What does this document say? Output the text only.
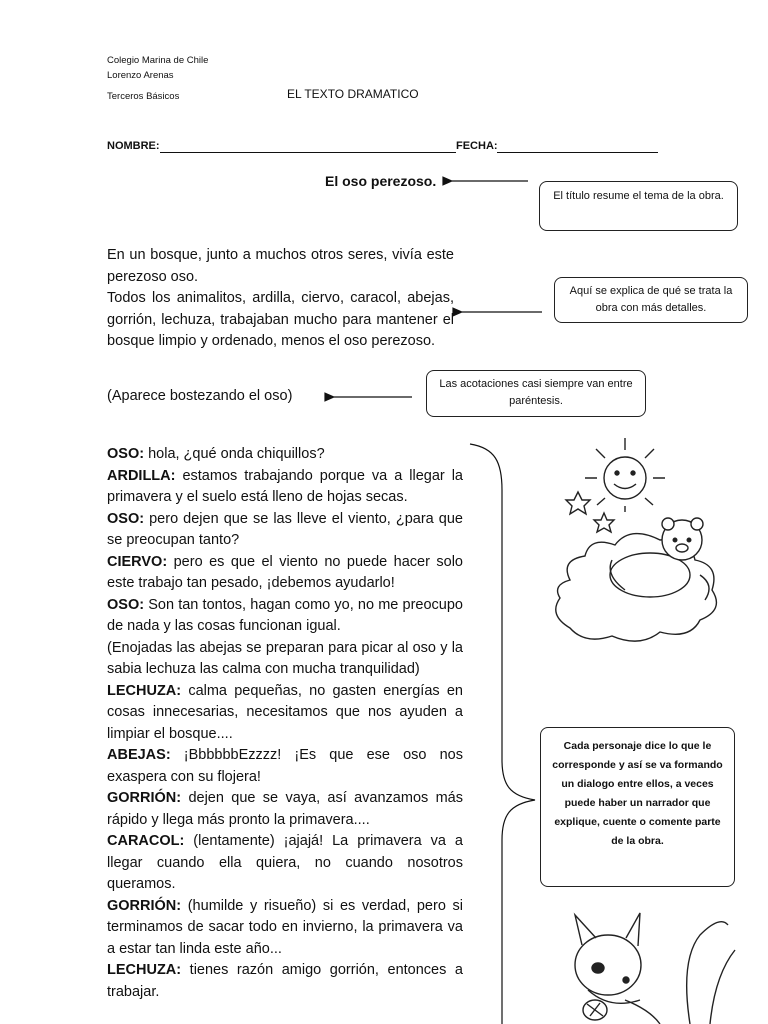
Colegio Marina de Chile
Lorenzo Arenas
Terceros Básicos	EL TEXTO DRAMATICO
NOMBRE:	FECHA:
El oso perezoso.
El título resume el tema de la obra.
Aquí se explica de qué se trata la obra con más detalles.
Las acotaciones casi siempre van entre paréntesis.
Cada personaje dice lo que le corresponde y así se va formando un dialogo entre ellos, a veces puede haber un narrador que explique, cuente o comente parte de la obra.
En un bosque, junto a muchos otros seres, vivía este perezoso oso.
Todos los animalitos, ardilla, ciervo, caracol, abejas, gorrión, lechuza, trabajaban mucho para mantener el bosque limpio y ordenado, menos el oso perezoso.
(Aparece bostezando el oso)

OSO: hola, ¿qué onda chiquillos?

ARDILLA: estamos trabajando porque va a llegar la primavera y el suelo está lleno de hojas secas.

OSO: pero dejen que se las lleve el viento, ¿para que se preocupan tanto?

CIERVO: pero es que el viento no puede hacer solo este trabajo tan pesado, ¡debemos ayudarlo!

OSO: Son tan tontos, hagan como yo, no me preocupo de nada y las cosas funcionan igual.

(Enojadas las abejas se preparan para picar al oso y la sabia lechuza las calma con mucha tranquilidad)

LECHUZA: calma pequeñas, no gasten energías en cosas innecesarias, necesitamos que nos ayuden a limpiar el bosque....

ABEJAS: ¡BbbbbbEzzzz! ¡Es que ese oso nos exaspera con su flojera!

GORRIÓN: dejen que se vaya, así avanzamos más rápido y llega más pronto la primavera....

CARACOL: (lentamente) ¡ajajá! La primavera va a llegar cuando ella quiera, no cuando nosotros queramos.

GORRIÓN: (humilde y risueño) si es verdad, pero si terminamos de sacar todo en invierno, la primavera va a estar tan linda este año...

LECHUZA: tienes razón amigo gorrión, entonces a trabajar.
